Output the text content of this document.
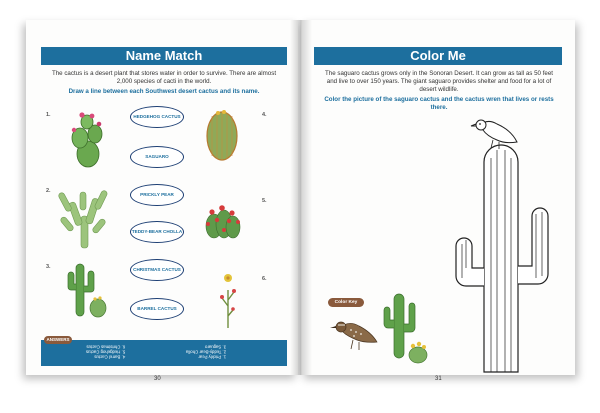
Name Match
The cactus is a desert plant that stores water in order to survive. There are almost 2,000 species of cacti in the world.
Draw a line between each Southwest desert cactus and its name.
1.
2.
3.
4.
5.
6.
HEDGEHOG CACTUS
SAGUARO
PRICKLY PEAR
TEDDY-BEAR CHOLLA
CHRISTMAS CACTUS
BARREL CACTUS
ANSWERS
4. Barrel Cactus
5. Hedgehog Cactus
6. Christmas Cactus
1. Prickly Pear
2. Teddy-Bear Cholla
3. Saguaro
30
Color Me
The saguaro cactus grows only in the Sonoran Desert. It can grow as tall as 50 feet and live to over 150 years. The giant saguaro provides shelter and food for a lot of desert wildlife.
Color the picture of the saguaro cactus and the cactus wren that lives or rests there.
Color Key
31
